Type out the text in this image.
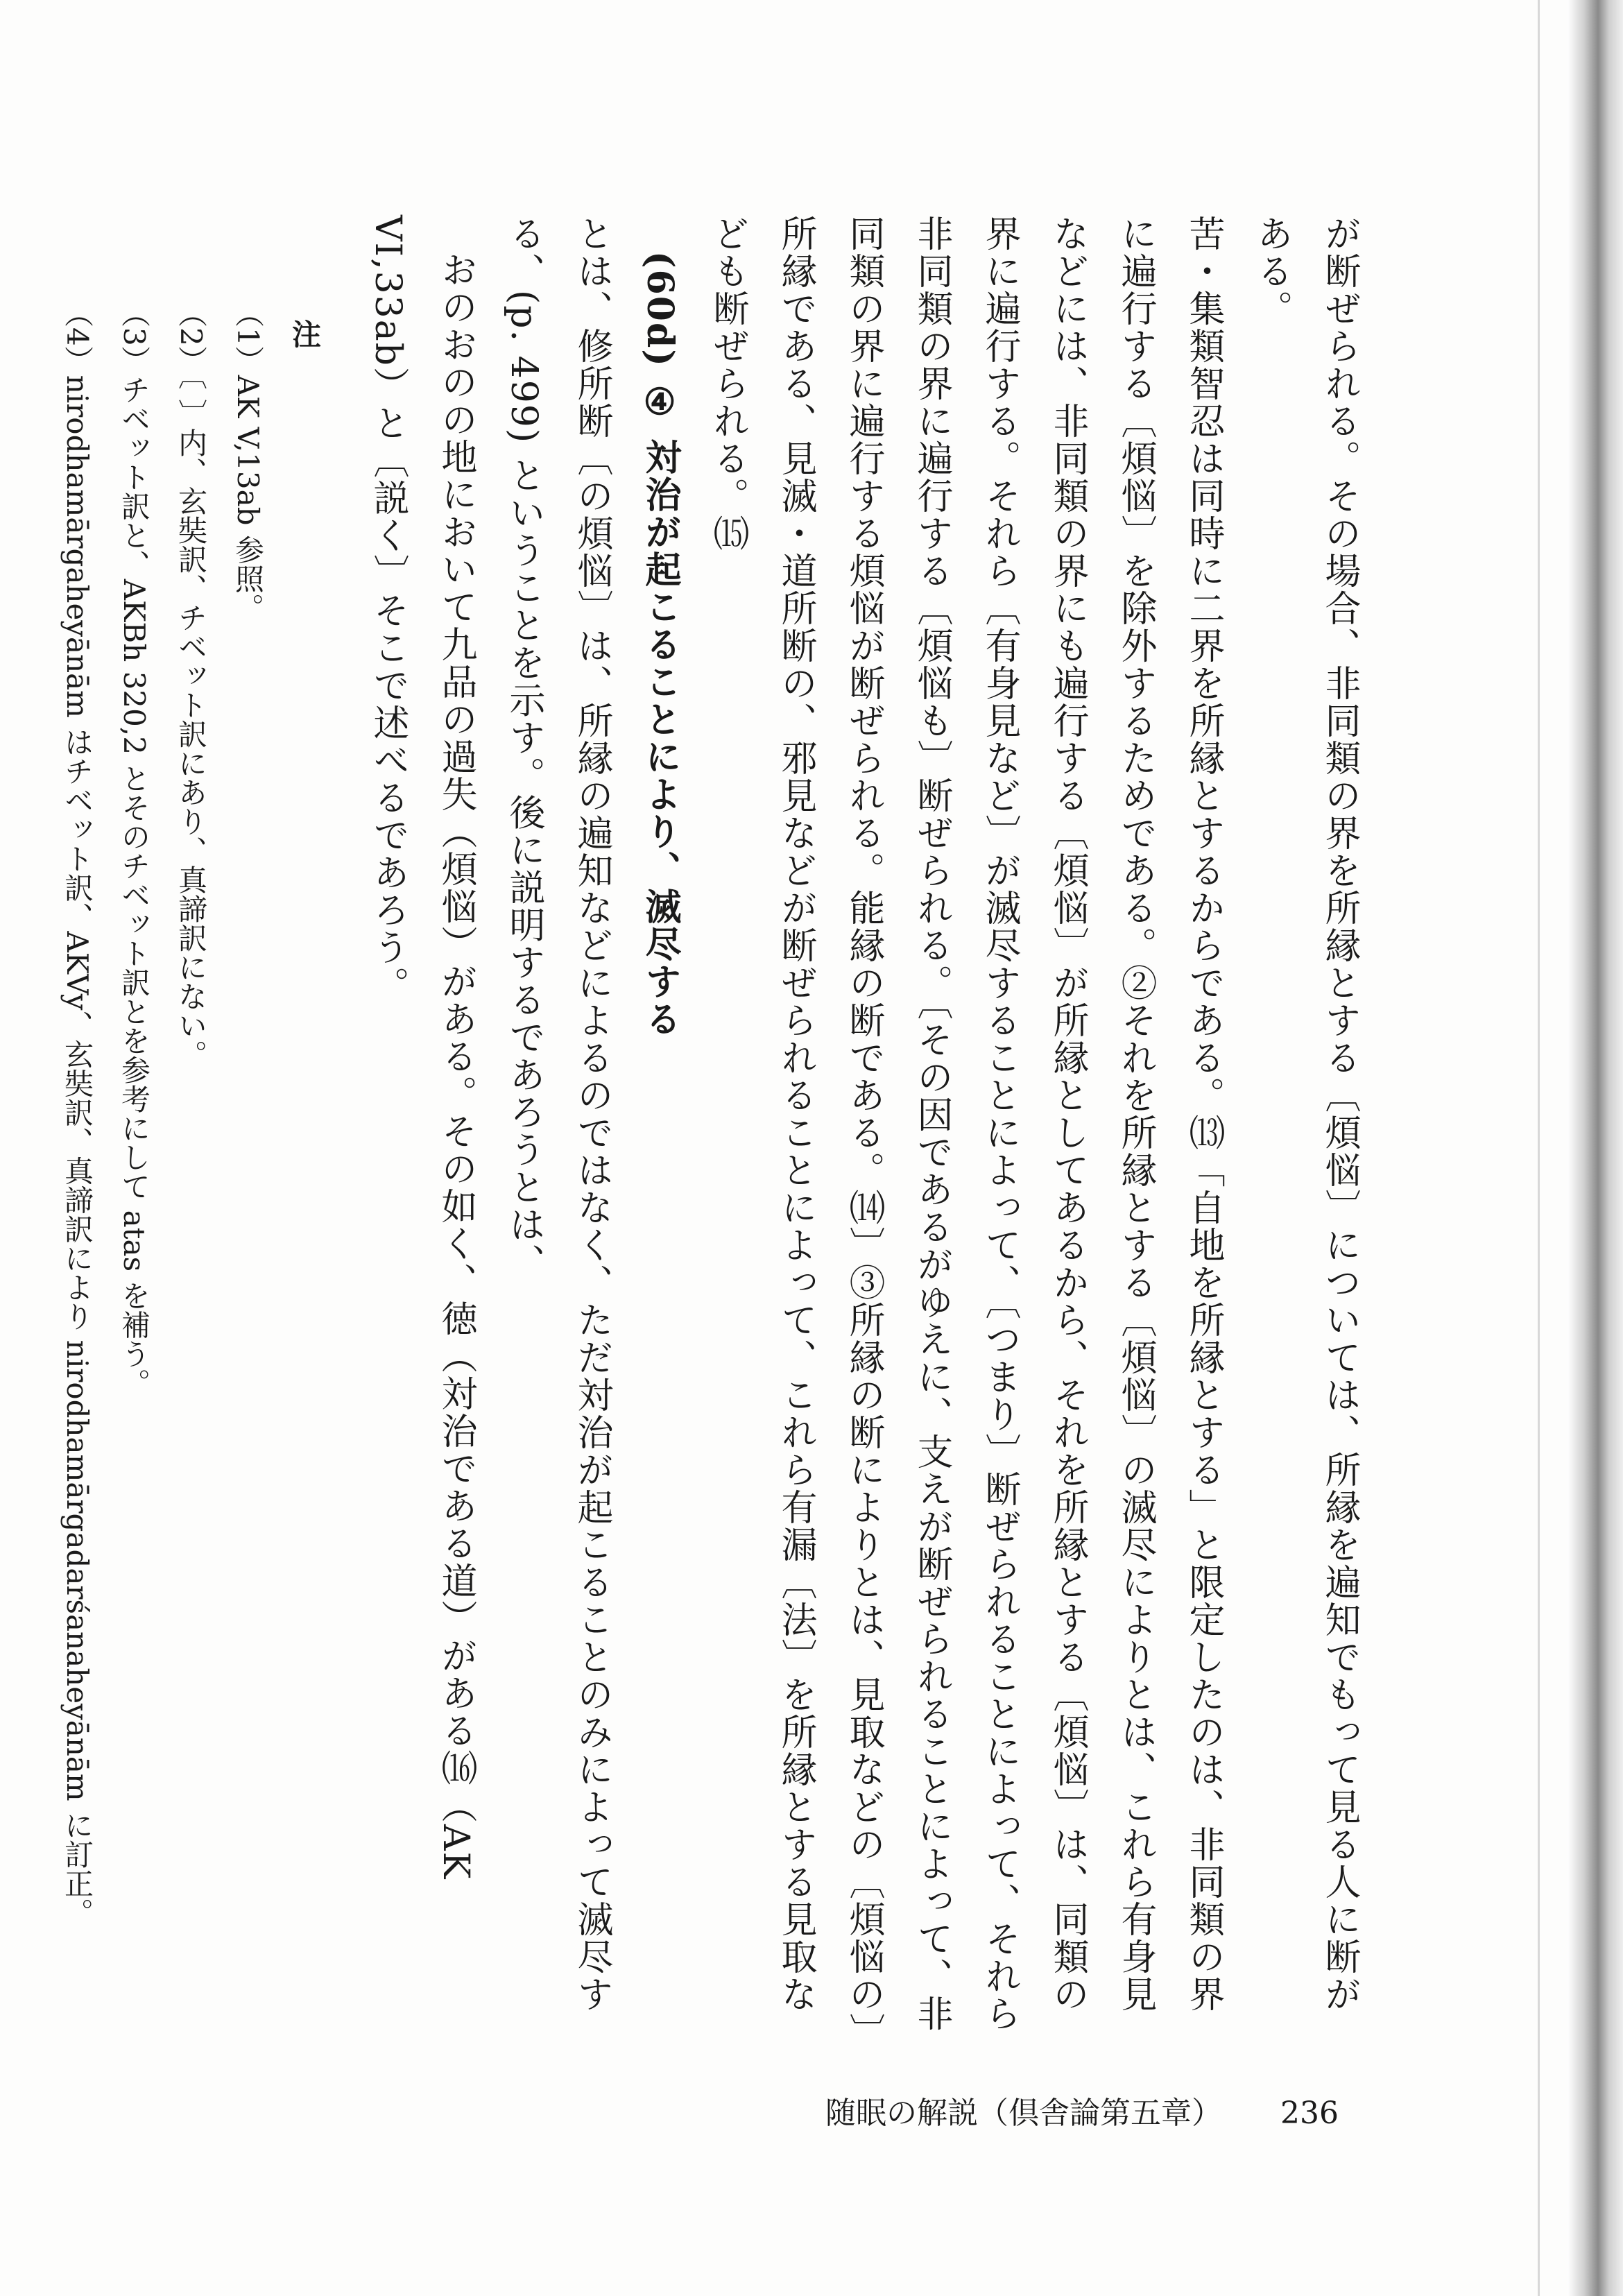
が断ぜられる。その場合、非同類の界を所縁とする〔煩悩〕については、所縁を遍知でもって見る人に断がある。

苦・集類智忍は同時に二界を所縁とするからである。⒀「自地を所縁とする」と限定したのは、非同類の界に遍行する〔煩悩〕を除外するためである。②それを所縁とする〔煩悩〕の滅尽によりとは、これら有身見などには、非同類の界にも遍行する〔煩悩〕が所縁としてあるから、それを所縁とする〔煩悩〕は、同類の界に遍行する。それら〔有身見など〕が滅尽することによって、〔つまり〕断ぜられることによって、それら非同類の界に遍行する〔煩悩も〕断ぜられる。〔その因であるがゆえに、支えが断ぜられることによって、非同類の界に遍行する煩悩が断ぜられる。能縁の断である。⒁〕③所縁の断によりとは、見取などの〔煩悩の〕所縁である、見滅・道所断の、邪見などが断ぜられることによって、これら有漏〔法〕を所縁とする見取なども断ぜられる。⒂

(60d) ④ 対治が起こることにより、滅尽する

とは、修所断〔の煩悩〕は、所縁の遍知などによるのではなく、ただ対治が起こることのみによって滅尽する、(p. 499) ということを示す。後に説明するであろうとは、

おのおのの地において九品の過失（煩悩）がある。その如く、徳（対治である道）がある⒃（AK VI,33ab）と〔説く〕そこで述べるであろう。

注

（1）AK V,13ab 参照。

（2）〔 〕内、玄奘訳、チベット訳にあり、真諦訳にない。

（3）チベット訳と、AKBh 320,2 とそのチベット訳とを参考にして atas を補う。

（4）nirodhamārgaheyānām はチベット訳、AKVy、玄奘訳、真諦訳により nirodhamārgadarśanaheyānām に訂正。

随眠の解説（倶舎論第五章） 236
